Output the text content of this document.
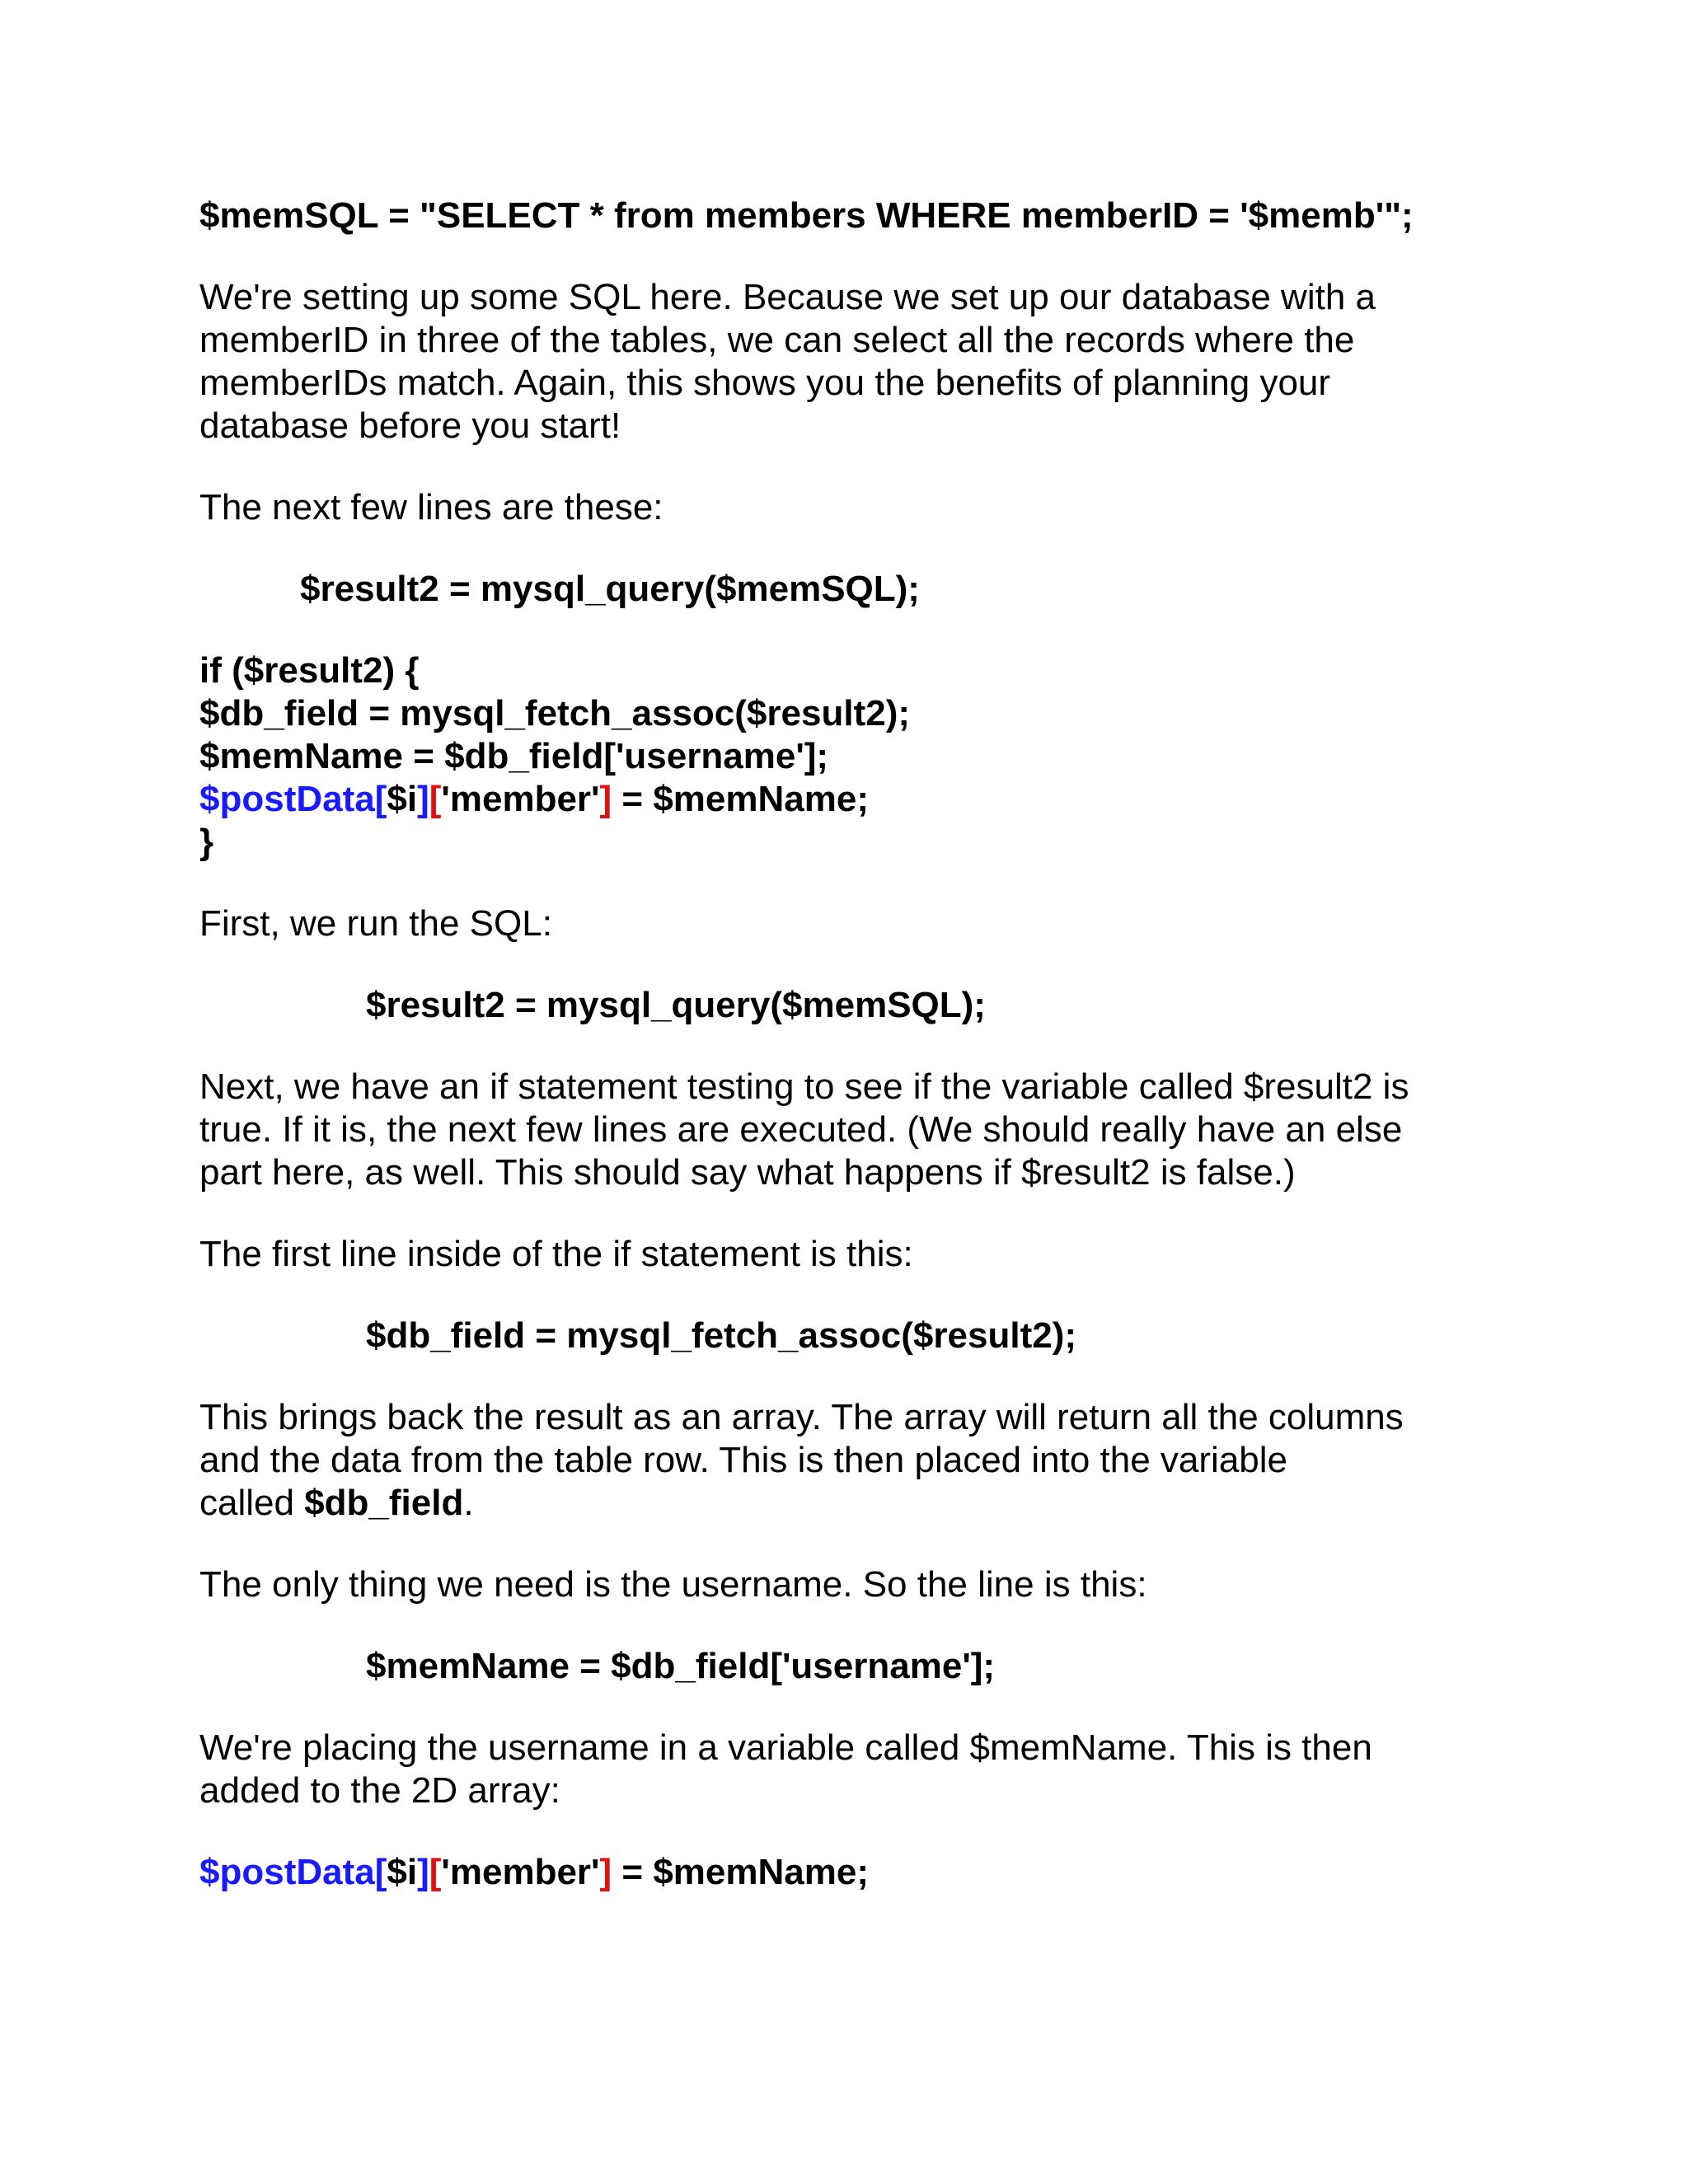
$memSQL = "SELECT * from members WHERE memberID = '$memb'";
We're setting up some SQL here. Because we set up our database with a
memberID in three of the tables, we can select all the records where the
memberIDs match. Again, this shows you the benefits of planning your
database before you start!
The next few lines are these:
$result2 = mysql_query($memSQL);
if ($result2) {
$db_field = mysql_fetch_assoc($result2);
$memName = $db_field['username'];
$postData[$i]['member'] = $memName;
}
First, we run the SQL:
$result2 = mysql_query($memSQL);
Next, we have an if statement testing to see if the variable called $result2 is
true. If it is, the next few lines are executed. (We should really have an else
part here, as well. This should say what happens if $result2 is false.)
The first line inside of the if statement is this:
$db_field = mysql_fetch_assoc($result2);
This brings back the result as an array. The array will return all the columns
and the data from the table row. This is then placed into the variable
called $db_field.
The only thing we need is the username. So the line is this:
$memName = $db_field['username'];
We're placing the username in a variable called $memName. This is then
added to the 2D array:
$postData[$i]['member'] = $memName;
